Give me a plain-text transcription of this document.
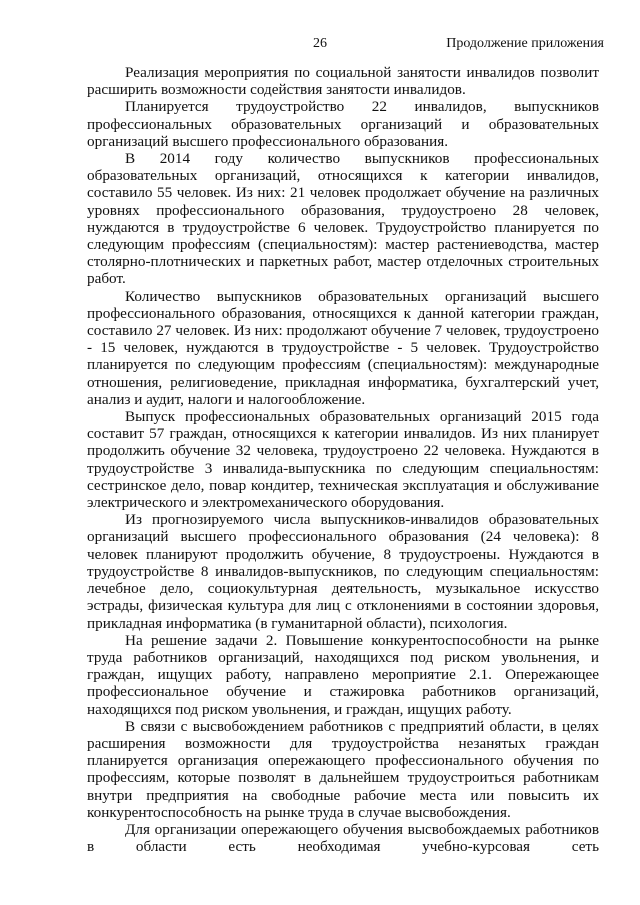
26	Продолжение приложения

Реализация мероприятия по социальной занятости инвалидов позволит расширить возможности содействия занятости инвалидов.

Планируется трудоустройство 22 инвалидов, выпускников профессиональных образовательных организаций и образовательных организаций высшего профессионального образования.

В 2014 году количество выпускников профессиональных образовательных организаций, относящихся к категории инвалидов, составило 55 человек. Из них: 21 человек продолжает обучение на различных уровнях профессионального образования, трудоустроено 28 человек, нуждаются в трудоустройстве 6 человек. Трудоустройство планируется по следующим профессиям (специальностям): мастер растениеводства, мастер столярно-плотнических и паркетных работ, мастер отделочных строительных работ.

Количество выпускников образовательных организаций высшего профессионального образования, относящихся к данной категории граждан, составило 27 человек. Из них: продолжают обучение 7 человек, трудоустроено - 15 человек, нуждаются в трудоустройстве - 5 человек. Трудоустройство планируется по следующим профессиям (специальностям): международные отношения, религиоведение, прикладная информатика, бухгалтерский учет, анализ и аудит, налоги и налогообложение.

Выпуск профессиональных образовательных организаций 2015 года составит 57 граждан, относящихся к категории инвалидов. Из них планирует продолжить обучение 32 человека, трудоустроено 22 человека. Нуждаются в трудоустройстве 3 инвалида-выпускника по следующим специальностям: сестринское дело, повар кондитер, техническая эксплуатация и обслуживание электрического и электромеханического оборудования.

Из прогнозируемого числа выпускников-инвалидов образовательных организаций высшего профессионального образования (24 человека): 8 человек планируют продолжить обучение, 8 трудоустроены. Нуждаются в трудоустройстве 8 инвалидов-выпускников, по следующим специальностям: лечебное дело, социокультурная деятельность, музыкальное искусство эстрады, физическая культура для лиц с отклонениями в состоянии здоровья, прикладная информатика (в гуманитарной области), психология.

На решение задачи 2. Повышение конкурентоспособности на рынке труда работников организаций, находящихся под риском увольнения, и граждан, ищущих работу, направлено мероприятие 2.1. Опережающее профессиональное обучение и стажировка работников организаций, находящихся под риском увольнения, и граждан, ищущих работу.

В связи с высвобождением работников с предприятий области, в целях расширения возможности для трудоустройства незанятых граждан планируется организация опережающего профессионального обучения по профессиям, которые позволят в дальнейшем трудоустроиться работникам внутри предприятия на свободные рабочие места или повысить их конкурентоспособность на рынке труда в случае высвобождения.

Для организации опережающего обучения высвобождаемых работников в области есть необходимая учебно-курсовая сеть
